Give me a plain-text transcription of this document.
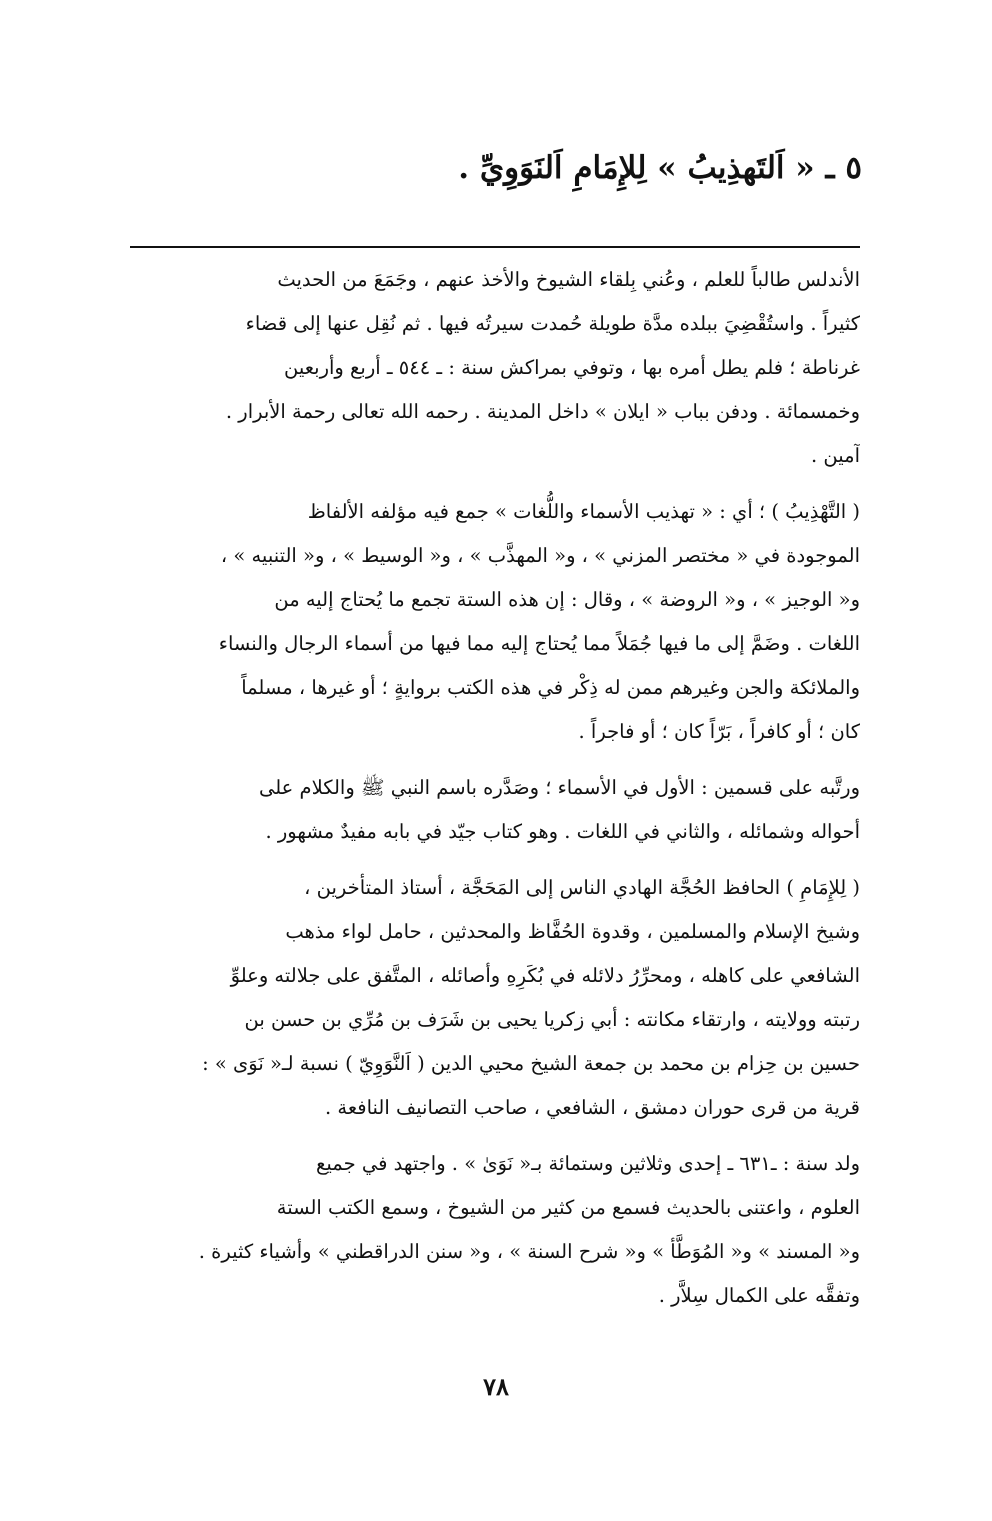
٥ ـ « اَلتَهذِيبُ » لِلإِمَامِ اَلنَوَوِيِّ .
الأندلس طالباً للعلم ، وعُني بِلقاء الشيوخ والأخذ عنهم ، وجَمَعَ من الحديث
كثيراً . واستُقْضِيَ ببلده مدَّة طويلة حُمدت سيرتُه فيها . ثم نُقِل عنها إلى قضاء
غرناطة ؛ فلم يطل أمره بها ، وتوفي بمراكش سنة : ـ ٥٤٤ ـ أربع وأربعين
وخمسمائة . ودفن بباب « ايلان » داخل المدينة . رحمه الله تعالى رحمة الأبرار .
آمين .
( التَّهْذِيبُ ) ؛ أي : « تهذيب الأسماء واللُّغات » جمع فيه مؤلفه الألفاظ
الموجودة في « مختصر المزني » ، و« المهذَّب » ، و« الوسيط » ، و« التنبيه » ،
و« الوجيز » ، و« الروضة » ، وقال : إن هذه الستة تجمع ما يُحتاج إليه من
اللغات . وضَمَّ إلى ما فيها جُمَلاً مما يُحتاج إليه مما فيها من أسماء الرجال والنساء
والملائكة والجن وغيرهم ممن له ذِكْر في هذه الكتب بروايةٍ ؛ أو غيرها ، مسلماً
كان ؛ أو كافراً ، بَرّاً كان ؛ أو فاجراً .
ورتَّبه على قسمين : الأول في الأسماء ؛ وصَدَّره باسم النبي ﷺ والكلام على
أحواله وشمائله ، والثاني في اللغات . وهو كتاب جيّد في بابه مفيدٌ مشهور .
( لِلإِمَامِ ) الحافظ الحُجَّة الهادي الناس إلى المَحَجَّة ، أستاذ المتأخرين ،
وشيخ الإسلام والمسلمين ، وقدوة الحُفَّاظ والمحدثين ، حامل لواء مذهب
الشافعي على كاهله ، ومحرِّرُ دلائله في بُكَرِهِ وأصائله ، المتَّفق على جلالته وعلوِّ
رتبته وولايته ، وارتقاء مكانته : أبي زكريا يحيى بن شَرَف بن مُرِّي بن حسن بن
حسين بن حِزام بن محمد بن جمعة الشيخ محيي الدين ( اَلنَّوَوِيّ ) نسبة لـ« نَوَى » :
قرية من قرى حوران دمشق ، الشافعي ، صاحب التصانيف النافعة .
ولد سنة : ـ٦٣١ ـ إحدى وثلاثين وستمائة بـ« نَوَىٰ » . واجتهد في جميع
العلوم ، واعتنى بالحديث فسمع من كثير من الشيوخ ، وسمع الكتب الستة
و« المسند » و« المُوَطَّأ » و« شرح السنة » ، و« سنن الدراقطني » وأشياء كثيرة .
وتفقَّه على الكمال سِلاَّر .
٧٨
